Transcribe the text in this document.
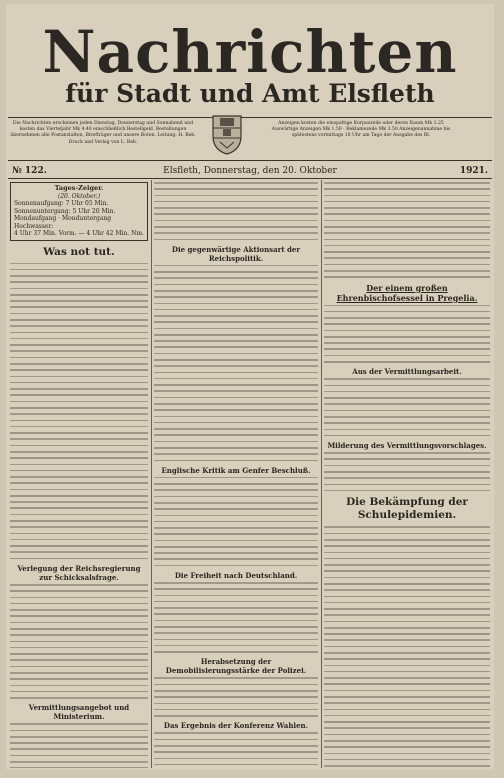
Nachrichten
für Stadt und Amt Elsfleth
Die Nachrichten erscheinen jeden Dienstag, Donnerstag und Sonnabend und kosten das Vierteljahr Mk 4.40 einschließlich Bestellgeld. Bestellungen übernehmen alle Postanstalten, Briefträger und unsere Boten. Leitung: H. Beh. Druck und Verlag von L. Beh.
Anzeigen kosten die einspaltige Korpuszeile oder deren Raum Mk 1.25 Auswärtige Anzeigen Mk 1.50 · Reklamezeile Mk 3.50 Anzeigenannahme bis spätestens vormittags 10 Uhr am Tage der Ausgabe des Bl.
Elsfleth, Donnerstag, den 20. Oktober
№ 122.	1921.
Tages-Zeiger.
(20. Oktober.)
Sonnenaufgang: 7 Uhr 05 Min.
Sonnenuntergang: 5 Uhr 20 Min.
Mondaufgang · Monduntergang
Hochwasser:
4 Uhr 37 Min. Vorm. — 4 Uhr 42 Min. Nm.
Was not tut.
Verlegung der Reichsregierung zur Schicksalsfrage.
Vermittlungsangebot und Ministerium.
Die gegenwärtige Aktionsart der Reichspolitik.
Englische Kritik am Genfer Beschluß.
Die Freiheit nach Deutschland.
Herabsetzung der Demobilisierungsstärke der Polizei.
Das Ergebnis der Konferenz Wahlen.
Der einem großen Ehrenbischofsessel in Pregelia.
Aus der Vermittlungsarbeit.
Milderung des Vermittlungsvorschlages.
Die Bekämpfung der Schulepidemien.
